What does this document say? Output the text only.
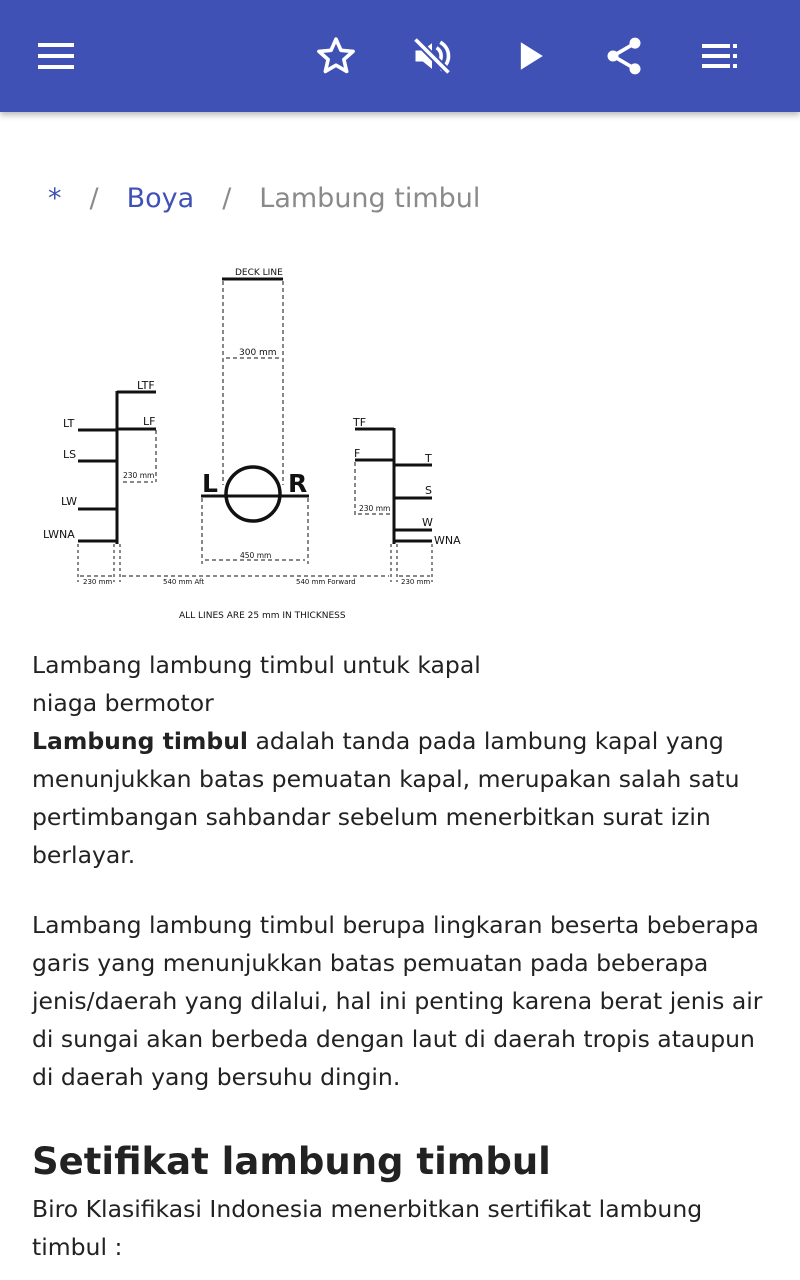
* / Boya / Lambung timbul
DECK LINE
300 mm
LTF
LF
LT
LS
LW
LWNA
230 mm L	R
450 mm
TF
F	T
S
W
WNA
230 mm
230 mm	540 mm Aft	540 mm Forward	230 mm
ALL LINES ARE 25 mm IN THICKNESS

Lambang lambung timbul untuk kapal niaga bermotor

Lambung timbul adalah tanda pada lambung kapal yang menunjukkan batas pemuatan kapal, merupakan salah satu pertimbangan sahbandar sebelum menerbitkan surat izin berlayar.

Lambang lambung timbul berupa lingkaran beserta beberapa garis yang menunjukkan batas pemuatan pada beberapa jenis/daerah yang dilalui, hal ini penting karena berat jenis air di sungai akan berbeda dengan laut di daerah tropis ataupun di daerah yang bersuhu dingin.

Setifikat lambung timbul

Biro Klasifikasi Indonesia menerbitkan sertifikat lambung timbul :
